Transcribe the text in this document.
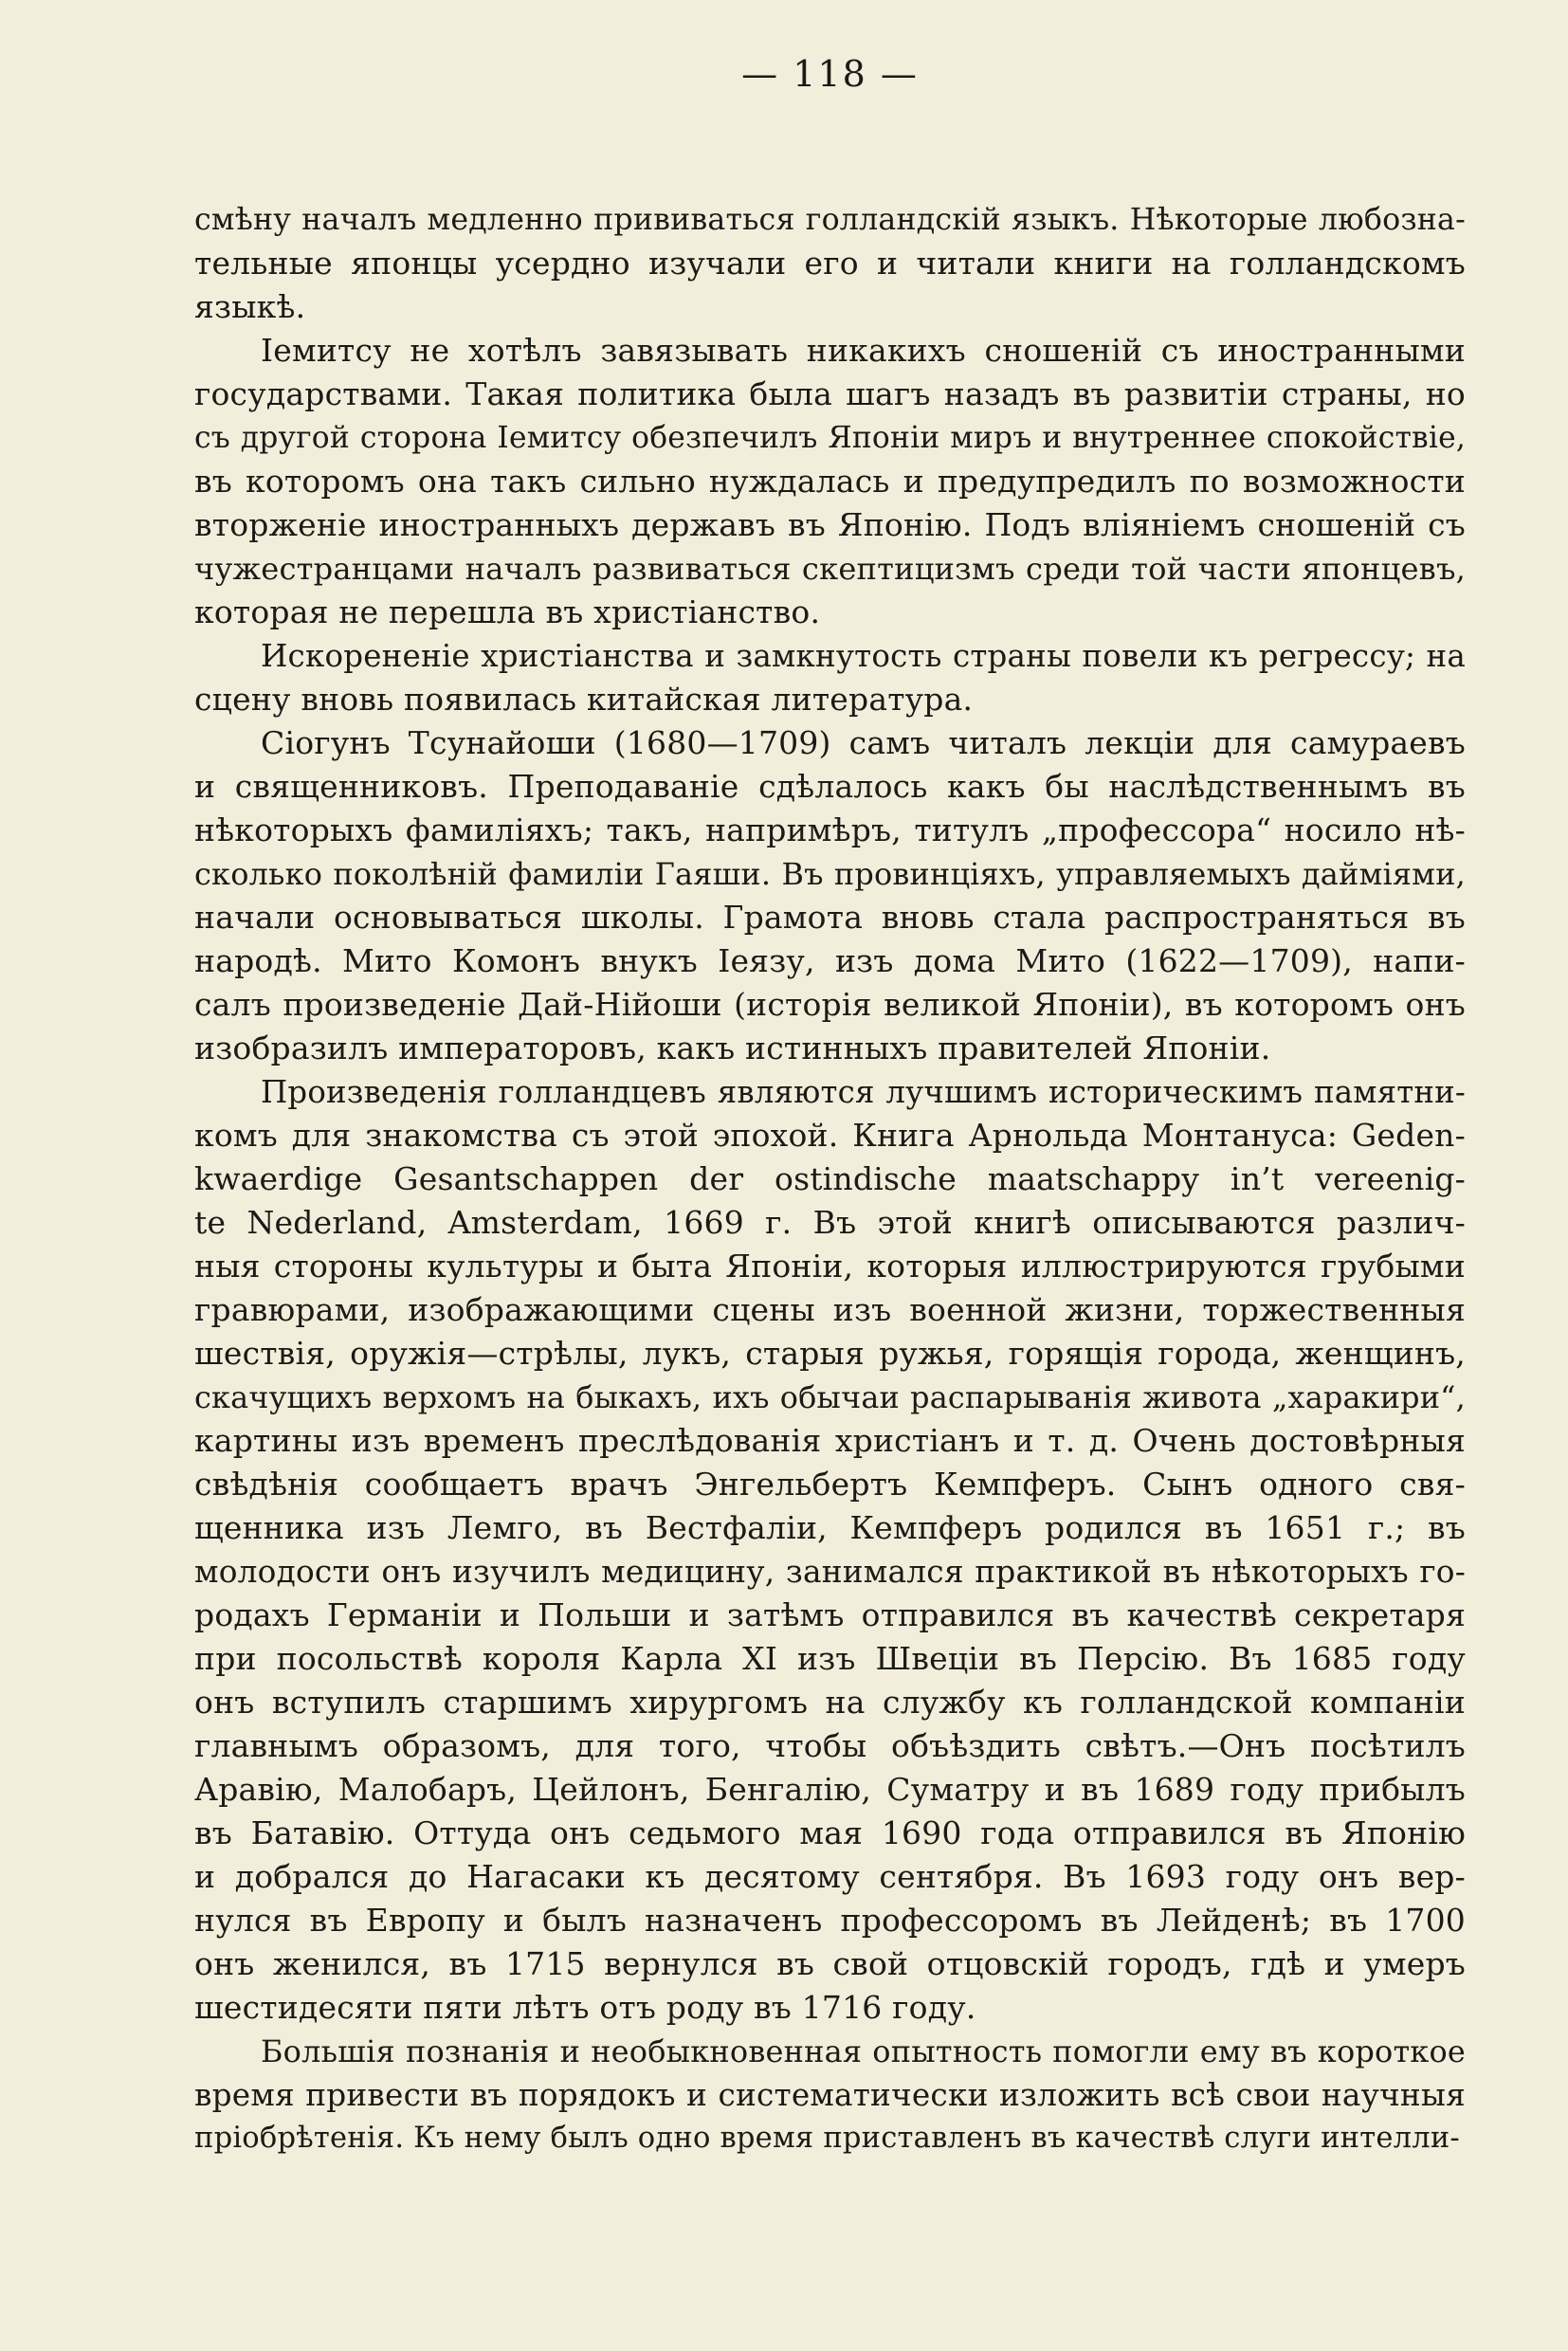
— 118 —
смѣну началъ медленно прививаться голландскій языкъ. Нѣкоторые любозна-
тельные японцы усердно изучали его и читали книги на голландскомъ
языкѣ.
Іемитсу не хотѣлъ завязывать никакихъ сношеній съ иностранными
государствами. Такая политика была шагъ назадъ въ развитіи страны, но
съ другой сторона Іемитсу обезпечилъ Японіи миръ и внутреннее спокойствіе,
въ которомъ она такъ сильно нуждалась и предупредилъ по возможности
вторженіе иностранныхъ державъ въ Японію. Подъ вліяніемъ сношеній съ
чужестранцами началъ развиваться скептицизмъ среди той части японцевъ,
которая не перешла въ христіанство.
Искорененіе христіанства и замкнутость страны повели къ регрессу; на
сцену вновь появилась китайская литература.
Сіогунъ Тсунайоши (1680—1709) самъ читалъ лекціи для самураевъ
и священниковъ. Преподаваніе сдѣлалось какъ бы наслѣдственнымъ въ
нѣкоторыхъ фамиліяхъ; такъ, напримѣръ, титулъ „профессора“ носило нѣ-
сколько поколѣній фамиліи Гаяши. Въ провинціяхъ, управляемыхъ дайміями,
начали основываться школы. Грамота вновь стала распространяться въ
народѣ. Мито Комонъ внукъ Іеязу, изъ дома Мито (1622—1709), напи-
салъ произведеніе Дай-Нійоши (исторія великой Японіи), въ которомъ онъ
изобразилъ императоровъ, какъ истинныхъ правителей Японіи.
Произведенія голландцевъ являются лучшимъ историческимъ памятни-
комъ для знакомства съ этой эпохой. Книга Арнольда Монтануса: Geden-
kwaerdige Gesantschappen der ostindische maatschappy in’t vereenig-
te Nederland, Amsterdam, 1669 г. Въ этой книгѣ описываются различ-
ныя стороны культуры и быта Японіи, которыя иллюстрируются грубыми
гравюрами, изображающими сцены изъ военной жизни, торжественныя
шествія, оружія—стрѣлы, лукъ, старыя ружья, горящія города, женщинъ,
скачущихъ верхомъ на быкахъ, ихъ обычаи распарыванія живота „харакири“,
картины изъ временъ преслѣдованія христіанъ и т. д. Очень достовѣрныя
свѣдѣнія сообщаетъ врачъ Энгельбертъ Кемпферъ. Сынъ одного свя-
щенника изъ Лемго, въ Вестфаліи, Кемпферъ родился въ 1651 г.; въ
молодости онъ изучилъ медицину, занимался практикой въ нѣкоторыхъ го-
родахъ Германіи и Польши и затѣмъ отправился въ качествѣ секретаря
при посольствѣ короля Карла XI изъ Швеціи въ Персію. Въ 1685 году
онъ вступилъ старшимъ хирургомъ на службу къ голландской компаніи
главнымъ образомъ, для того, чтобы объѣздить свѣтъ.—Онъ посѣтилъ
Аравію, Малобаръ, Цейлонъ, Бенгалію, Суматру и въ 1689 году прибылъ
въ Батавію. Оттуда онъ седьмого мая 1690 года отправился въ Японію
и добрался до Нагасаки къ десятому сентября. Въ 1693 году онъ вер-
нулся въ Европу и былъ назначенъ профессоромъ въ Лейденѣ; въ 1700
онъ женился, въ 1715 вернулся въ свой отцовскій городъ, гдѣ и умеръ
шестидесяти пяти лѣтъ отъ роду въ 1716 году.
Большія познанія и необыкновенная опытность помогли ему въ короткое
время привести въ порядокъ и систематически изложить всѣ свои научныя
пріобрѣтенія. Къ нему былъ одно время приставленъ въ качествѣ слуги интелли-
